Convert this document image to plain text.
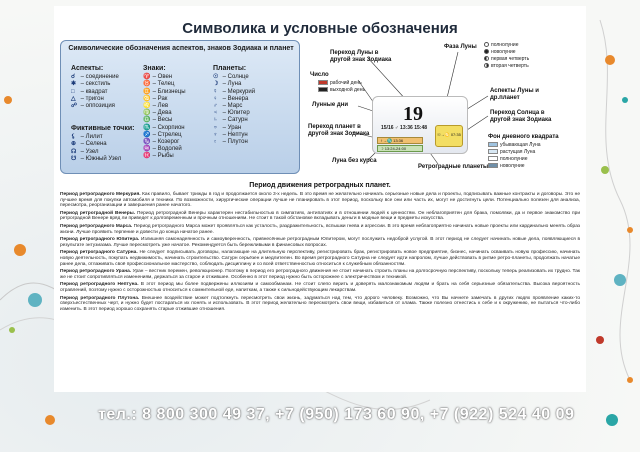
Символика и условные обозначения
Символические обозначения аспектов, знаков Зодиака и планет
Аспекты:
☌ – соединение
✱ – секстиль
□ – квадрат
△ – тригон
☍ – оппозиция
Фиктивные точки:
⚸ – Лилит
⊕ – Селена
☊ – Узел
☋ – Южный Узел
Знаки:
♈ – Овен
♉ – Телец
♊ – Близнецы
♋ – Рак
♌ – Лев
♍ – Дева
♎ – Весы
♏ – Скорпион
♐ – Стрелец
♑ – Козерог
♒ – Водолей
♓ – Рыбы
Планеты:
☉ – Солнце
☽ – Луна
☿ – Меркурий
♀ – Венера
♂ – Марс
♃ – Юпитер
♄ – Сатурн
♅ – Уран
♆ – Нептун
♇ – Плутон
Переход Луны в другой знак Зодиака
Фаза Луны	полнолуние
новолуние
первая четверть
вторая четверть
Число
рабочий день
выходной день
Лунные дни
Переход планет в другой знак Зодиака
Луна без курса
Ретроградные планеты
Аспекты Луны и др.планет
Переход Солнца в другой знак Зодиака
Фон дневного квадрата
убывающая Луна
растущая Луна
полнолуние
новолуние
19
15/16 ♂ 13:36 15:48
♀→♏ 13:36
☽ 13:24-24:00
☉→♋ 07:35
Период движения ретроградных планет.
Период ретроградного Меркурия. Как правило, бывает трижды в год и продолжается около 3-х недель. В это время не желательно начинать серьезные новые дела и проекты, подписывать важные контракты и договоры. Это не лучшее время для покупки автомобиля и техники. По возможности, хирургические операции лучше не планировать в этот период, поскольку все они или часть их, могут не достигнуть цели. Потенциально полезен для анализа, пересмотра, реорганизации и завершения ранее начатого.
Период ретроградной Венеры. Период ретроградной Венеры характерен нестабильностью в симпатиях, антипатиях и в отношении людей к ценностям. Он неблагоприятен для брака, помолвки, да и первое знакомство при ретроградной Венере вряд ли приведет к долговременным и прочным отношениям. Не стоит в такой обстановке вкладывать деньги в модные вещи и предметы искусства.
Период ретроградного Марса. Период ретроградного Марса может проявляться как усталость, раздражительность, вспышки гнева и агрессии. В это время неблагоприятно начинать новые проекты или кардинально менять образ жизни. Лучше проявить терпение и довести до конца начатое ранее.
Период ретроградного Юпитера. Излишняя самонадеянность и самоуверенность, привнесённые ретроградным Юпитером, могут послужить недоброй услугой. В этот период не следует начинать новые дела, появляющиеся в результате энтузиазма. Лучше пересмотреть уже начатое. Рекомендуется быть бережливыми в финансовых вопросах.
Период ретроградного Сатурна. Не следует подписывать договоры, налагающие на длительную перспективу, регистрировать брак, регистрировать новое предприятие, бизнес, начинать осваивать новую профессию, начинать новую деятельность, покупать недвижимость, начинать строительство. Сатурн серьёзен и медлителен. Во время ретроградного Сатурна не следует идти напролом, лучше действовать в ритме ретро-планеты, продолжать начатые ранее дела, отлаживать своё профессиональное мастерство, соблюдать дисциплину и со всей ответственностью относиться к служебным обязанностям.
Период ретроградного Урана. Уран – вестник перемен, революционер. Поэтому в период его ретроградного движения не стоит начинать строить планы на долгосрочную перспективу, поскольку теперь реализовать их трудно. Так же не стоит сопротивляться изменениям, держаться за старое и отжившее. Особенно в этот период нужно быть осторожнее с электричеством и техникой.
Период ретроградного Нептуна. В этот период мы более подвержены иллюзиям и самообманам. Не стоит слепо верить и доверять малознакомым людям и брать на себя серьезные обязательства. Высока вероятность отравлений, поэтому нужно с осторожностью относиться к сомнительной еде, напиткам, а также к сильнодействующим лекарствам.
Период ретроградного Плутона. Внешнее воздействие может подтолкнуть пересмотреть свои жизнь, задуматься над тем, что дорого человеку. Возможно, что Вы начнете замечать в других людях проявление каких-то сверхъестественных черт, и нужно будет постараться их понять и использовать. В этот период желательно пересмотреть свои вещи, избавиться от хлама. Также полезно отнестись к себе и к окружению, не пытаться что-либо изменить. В этот период хорошо сохранять старые отжившие отношения.
тел.: 8 800 300 49 37, +7 (950) 173 60 90, +7 (922) 524 40 09
